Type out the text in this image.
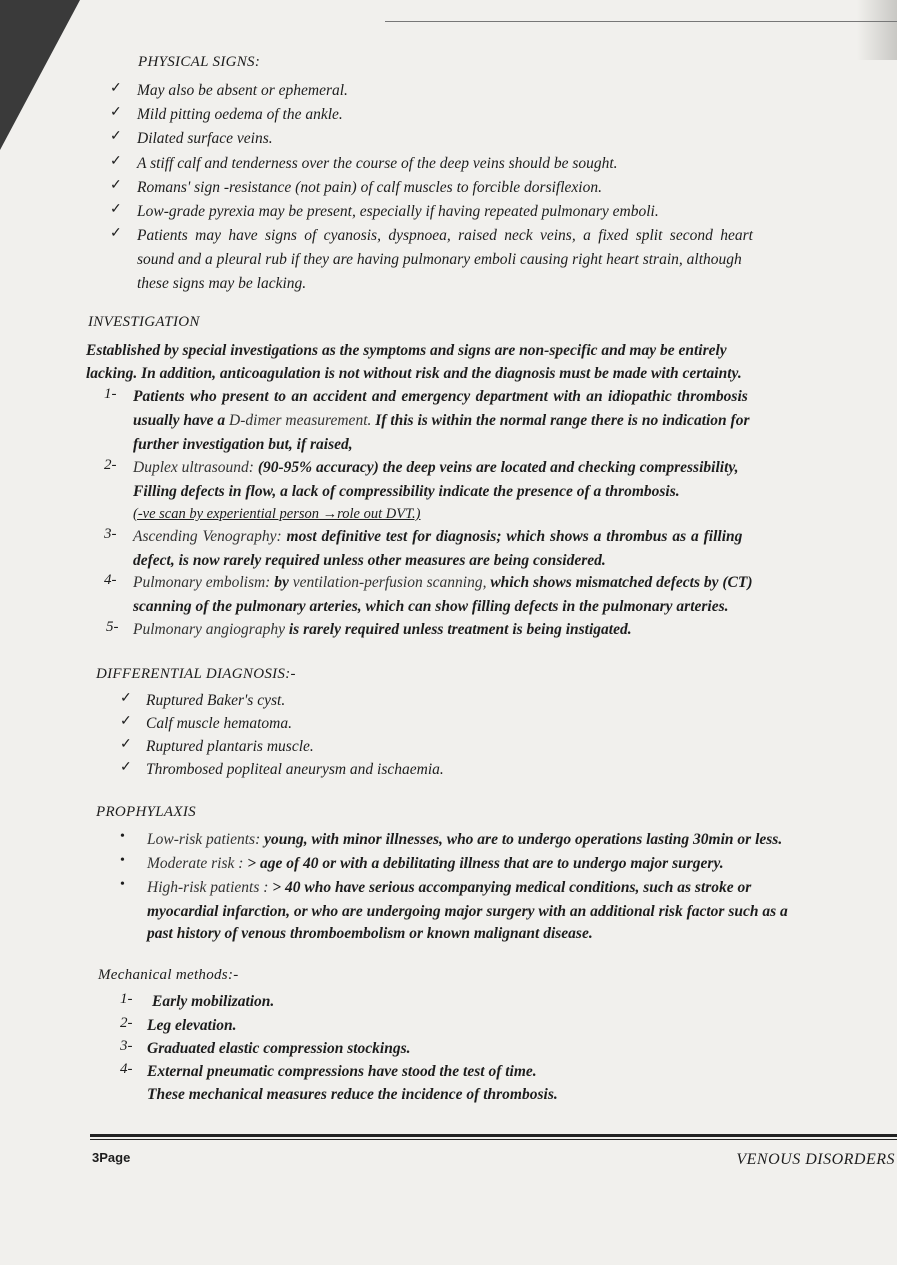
PHYSICAL SIGNS:
✓ May also be absent or ephemeral.
✓ Mild pitting oedema of the ankle.
✓ Dilated surface veins.
✓ A stiff calf and tenderness over the course of the deep veins should be sought.
✓ Romans' sign -resistance (not pain) of calf muscles to forcible dorsiflexion.
✓ Low-grade pyrexia may be present, especially if having repeated pulmonary emboli.
✓ Patients may have signs of cyanosis, dyspnoea, raised neck veins, a fixed split second heart
sound and a pleural rub if they are having pulmonary emboli causing right heart strain, although
these signs may be lacking.
INVESTIGATION
Established by special investigations as the symptoms and signs are non-specific and may be entirely
lacking. In addition, anticoagulation is not without risk and the diagnosis must be made with certainty.
1- Patients who present to an accident and emergency department with an idiopathic thrombosis
usually have a D-dimer measurement. If this is within the normal range there is no indication for
further investigation but, if raised,
2- Duplex ultrasound: (90-95% accuracy) the deep veins are located and checking compressibility,
Filling defects in flow, a lack of compressibility indicate the presence of a thrombosis.
(-ve scan by experiential person →role out DVT.)
3- Ascending Venography: most definitive test for diagnosis; which shows a thrombus as a filling
defect, is now rarely required unless other measures are being considered.
4- Pulmonary embolism: by ventilation-perfusion scanning, which shows mismatched defects by (CT)
scanning of the pulmonary arteries, which can show filling defects in the pulmonary arteries.
5- Pulmonary angiography is rarely required unless treatment is being instigated.
DIFFERENTIAL DIAGNOSIS:-
✓ Ruptured Baker's cyst.
✓ Calf muscle hematoma.
✓ Ruptured plantaris muscle.
✓ Thrombosed popliteal aneurysm and ischaemia.
PROPHYLAXIS
• Low-risk patients: young, with minor illnesses, who are to undergo operations lasting 30min or less.
• Moderate risk : > age of 40 or with a debilitating illness that are to undergo major surgery.
• High-risk patients : > 40 who have serious accompanying medical conditions, such as stroke or
myocardial infarction, or who are undergoing major surgery with an additional risk factor such as a
past history of venous thromboembolism or known malignant disease.
Mechanical methods:-
1- Early mobilization.
2- Leg elevation.
3- Graduated elastic compression stockings.
4- External pneumatic compressions have stood the test of time.
These mechanical measures reduce the incidence of thrombosis.
3Page	VENOUS DISORDERS
